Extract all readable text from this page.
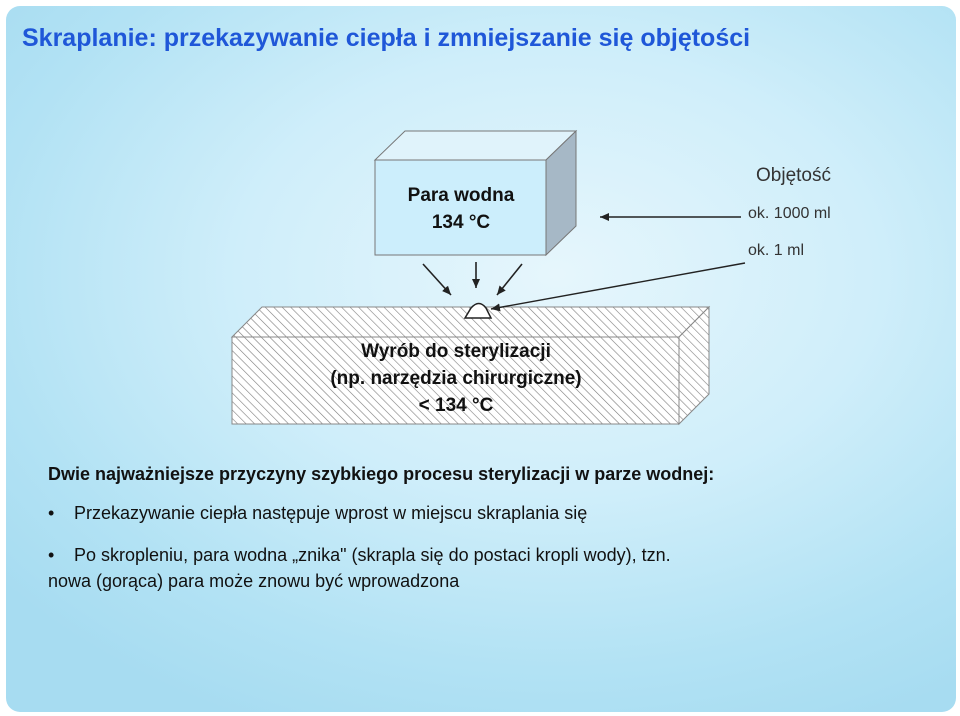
Skraplanie: przekazywanie ciepła i zmniejszanie się objętości
Para wodna
134 °C
Wyrób do sterylizacji
(np. narzędzia chirurgiczne)
< 134 °C
Objętość
ok. 1000 ml
ok. 1 ml
Dwie najważniejsze przyczyny szybkiego procesu sterylizacji w parze wodnej:
• Przekazywanie ciepła następuje wprost w miejscu skraplania się
• Po skropleniu, para wodna „znika" (skrapla się do postaci kropli wody), tzn.
nowa (gorąca) para może znowu być wprowadzona
